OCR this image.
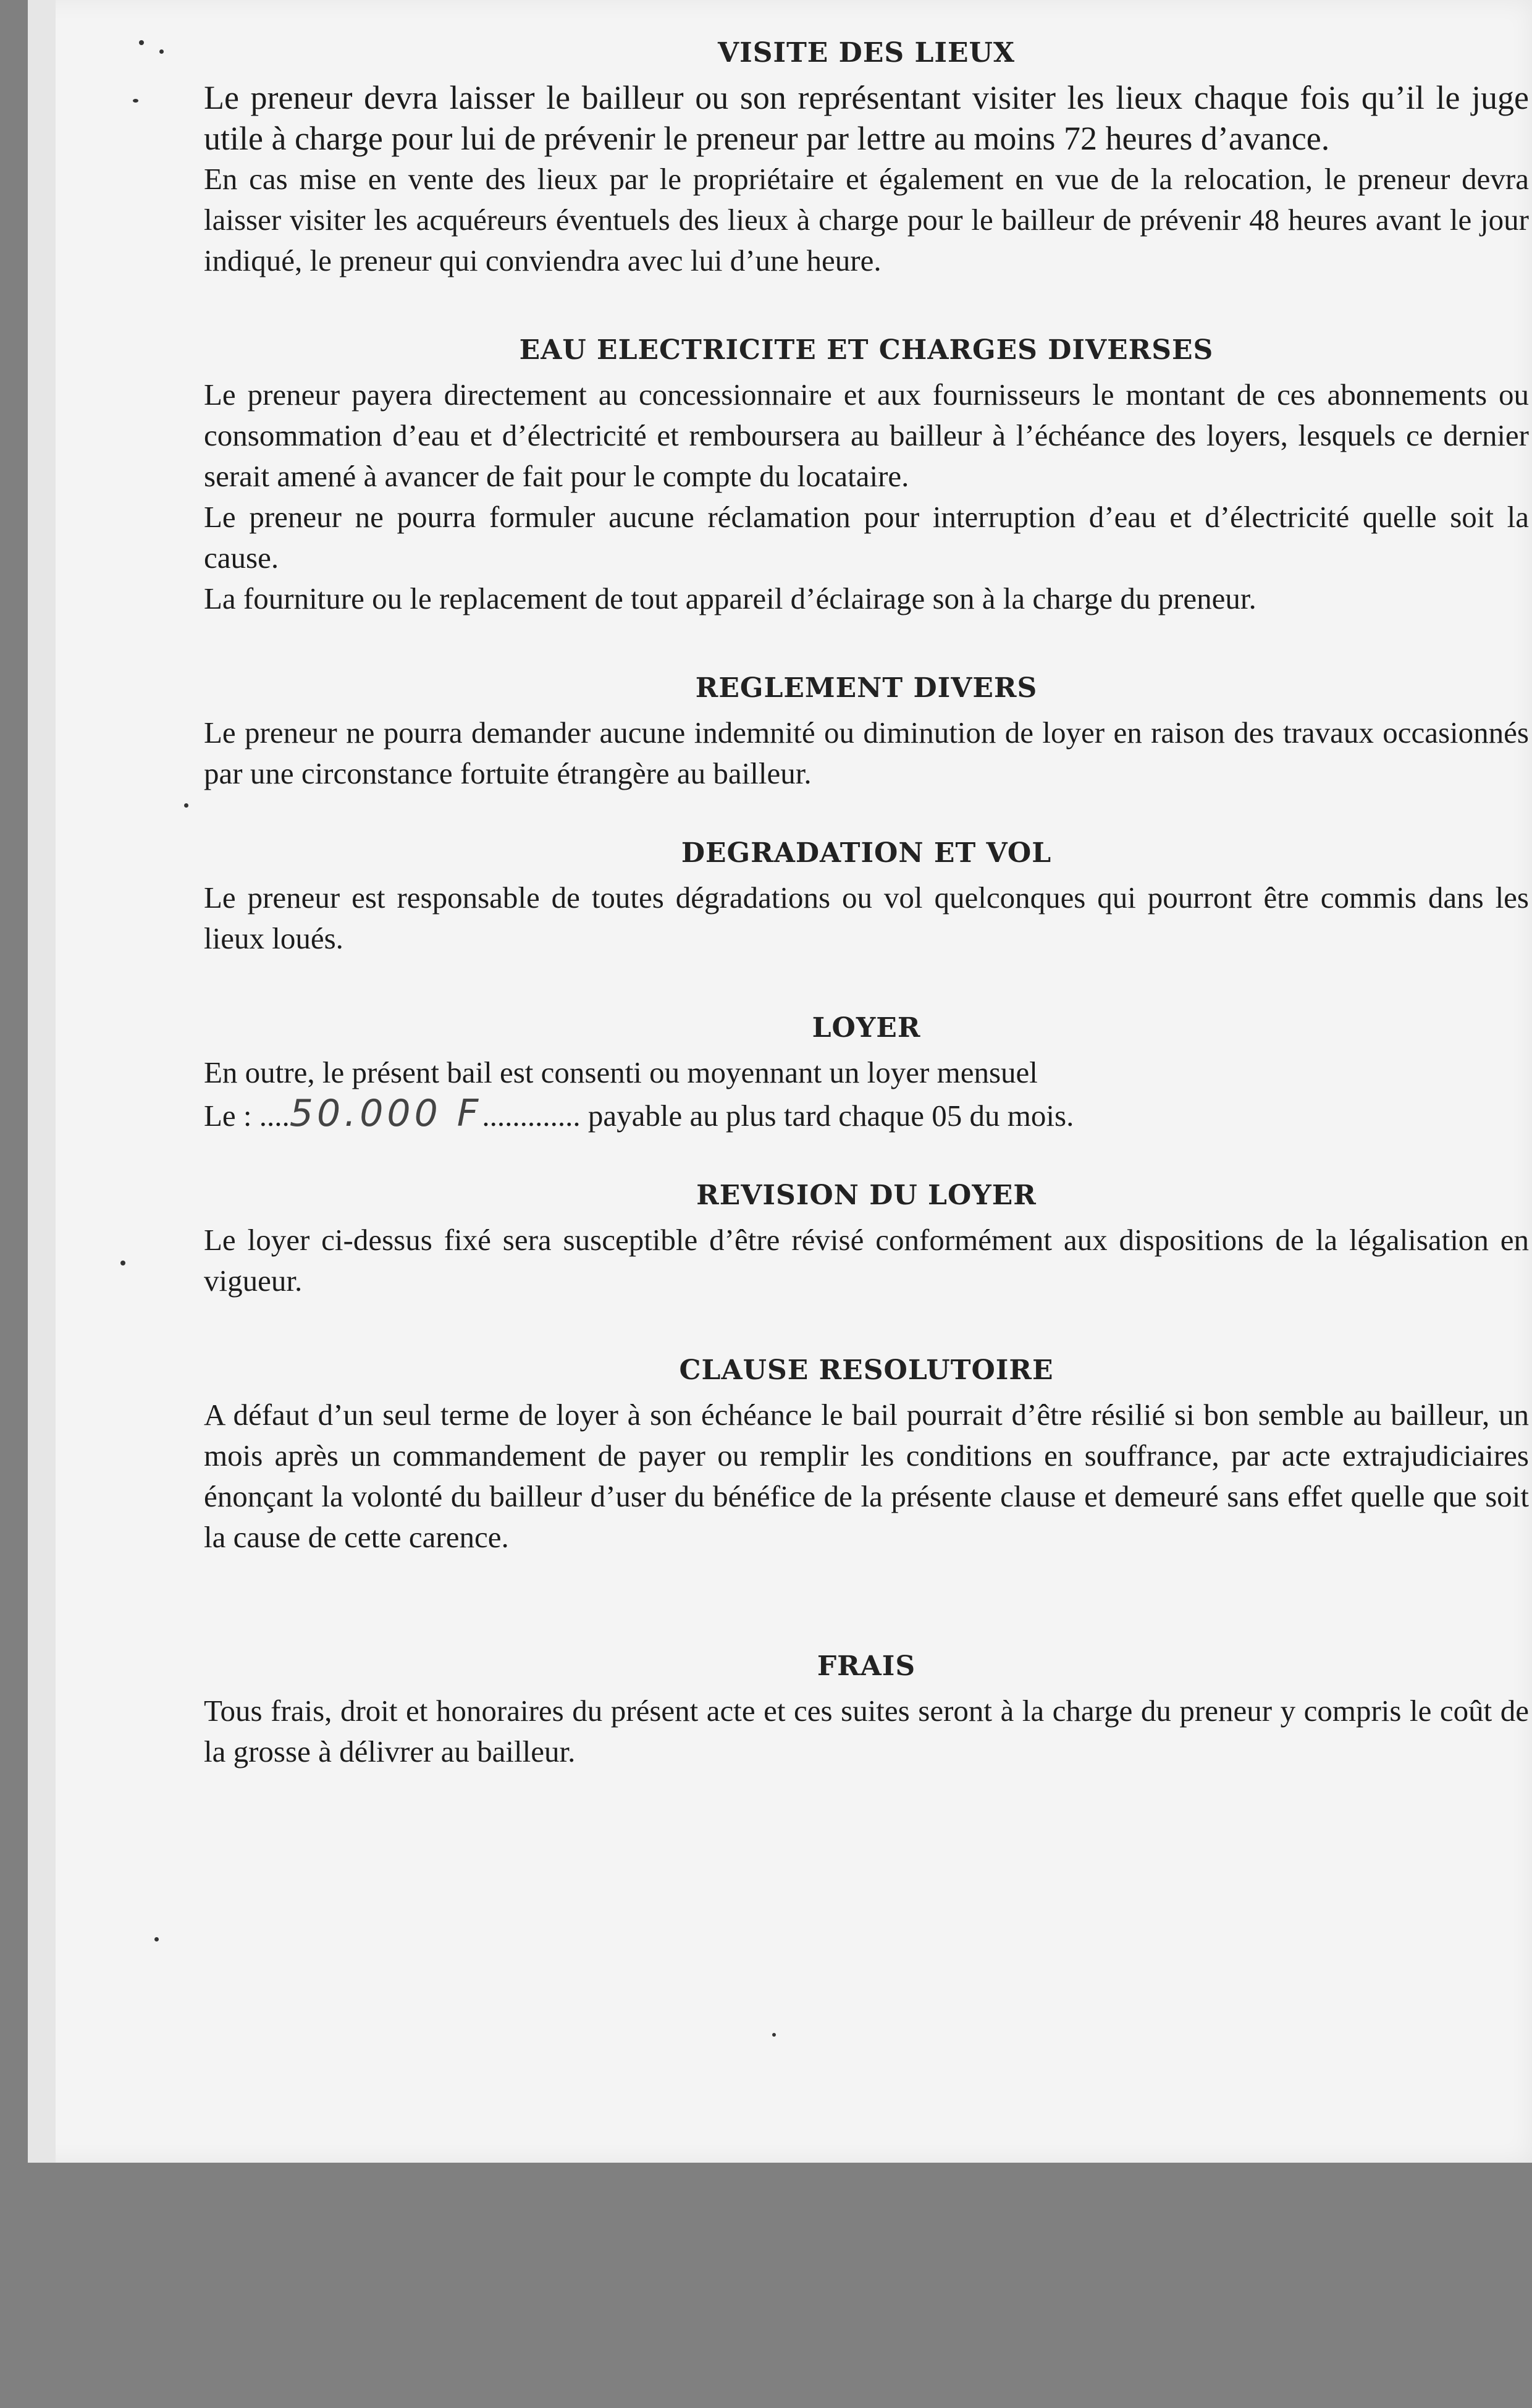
VISITE DES LIEUX

Le preneur devra laisser le bailleur ou son représentant visiter les lieux chaque fois qu’il le juge utile à charge pour lui de prévenir le preneur par lettre au moins 72 heures d’avance.

En cas mise en vente des lieux par le propriétaire et également en vue de la relocation, le preneur devra laisser visiter les acquéreurs éventuels des lieux à charge pour le bailleur de prévenir 48 heures avant le jour indiqué, le preneur qui conviendra avec lui d’une heure.

EAU ELECTRICITE ET CHARGES DIVERSES

Le preneur payera directement au concessionnaire et aux fournisseurs le montant de ces abonnements ou consommation d’eau et d’électricité et remboursera au bailleur à l’échéance des loyers, lesquels ce dernier serait amené à avancer de fait pour le compte du locataire.

Le preneur ne pourra formuler aucune réclamation pour interruption d’eau et d’électricité quelle soit la cause.

La fourniture ou le replacement de tout appareil d’éclairage son à la charge du preneur.

REGLEMENT DIVERS

Le preneur ne pourra demander aucune indemnité ou diminution de loyer en raison des travaux occasionnés par une circonstance fortuite étrangère au bailleur.

DEGRADATION ET VOL

Le preneur est responsable de toutes dégradations ou vol quelconques qui pourront être commis dans les lieux loués.

LOYER

En outre, le présent bail est consenti ou moyennant un loyer mensuel

Le : ....50.000 F............. payable au plus tard chaque 05 du mois.

REVISION DU LOYER

Le loyer ci-dessus fixé sera susceptible d’être révisé conformément aux dispositions de la légalisation en vigueur.

CLAUSE RESOLUTOIRE

A défaut d’un seul terme de loyer à son échéance le bail pourrait d’être résilié si bon semble au bailleur, un mois après un commandement de payer ou remplir les conditions en souffrance, par acte extrajudiciaires énonçant la volonté du bailleur d’user du bénéfice de la présente clause et demeuré sans effet quelle que soit la cause de cette carence.

FRAIS

Tous frais, droit et honoraires du présent acte et ces suites seront à la charge du preneur y compris le coût de la grosse à délivrer au bailleur.
